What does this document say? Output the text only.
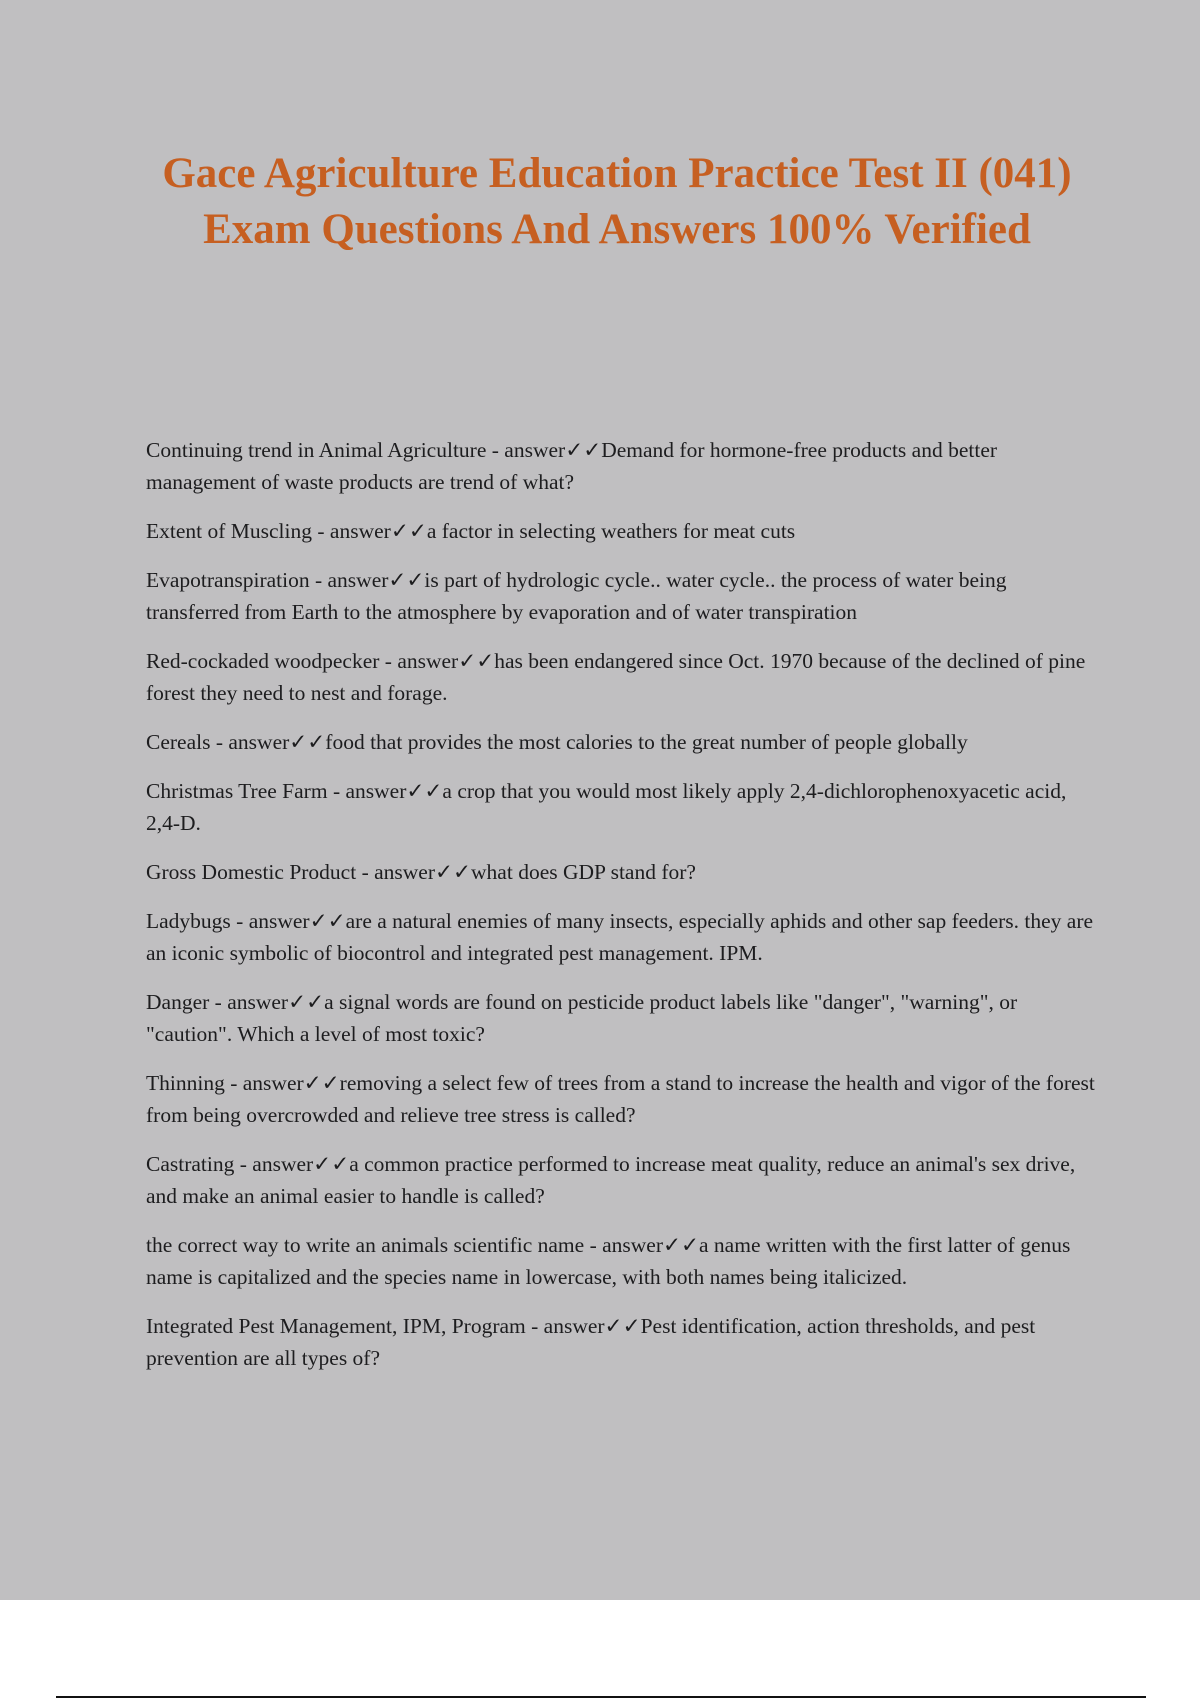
Gace Agriculture Education Practice Test II (041) Exam Questions And Answers 100% Verified
Continuing trend in Animal Agriculture - answer✓✓Demand for hormone-free products and better management of waste products are trend of what?
Extent of Muscling - answer✓✓a factor in selecting weathers for meat cuts
Evapotranspiration - answer✓✓is part of hydrologic cycle.. water cycle.. the process of water being transferred from Earth to the atmosphere by evaporation and of water transpiration
Red-cockaded woodpecker - answer✓✓has been endangered since Oct. 1970 because of the declined of pine forest they need to nest and forage.
Cereals - answer✓✓food that provides the most calories to the great number of people globally
Christmas Tree Farm - answer✓✓a crop that you would most likely apply 2,4-dichlorophenoxyacetic acid, 2,4-D.
Gross Domestic Product - answer✓✓what does GDP stand for?
Ladybugs - answer✓✓are a natural enemies of many insects, especially aphids and other sap feeders. they are an iconic symbolic of biocontrol and integrated pest management. IPM.
Danger - answer✓✓a signal words are found on pesticide product labels like "danger", "warning", or "caution". Which a level of most toxic?
Thinning - answer✓✓removing a select few of trees from a stand to increase the health and vigor of the forest from being overcrowded and relieve tree stress is called?
Castrating - answer✓✓a common practice performed to increase meat quality, reduce an animal's sex drive, and make an animal easier to handle is called?
the correct way to write an animals scientific name - answer✓✓a name written with the first latter of genus name is capitalized and the species name in lowercase, with both names being italicized.
Integrated Pest Management, IPM, Program - answer✓✓Pest identification, action thresholds, and pest prevention are all types of?
